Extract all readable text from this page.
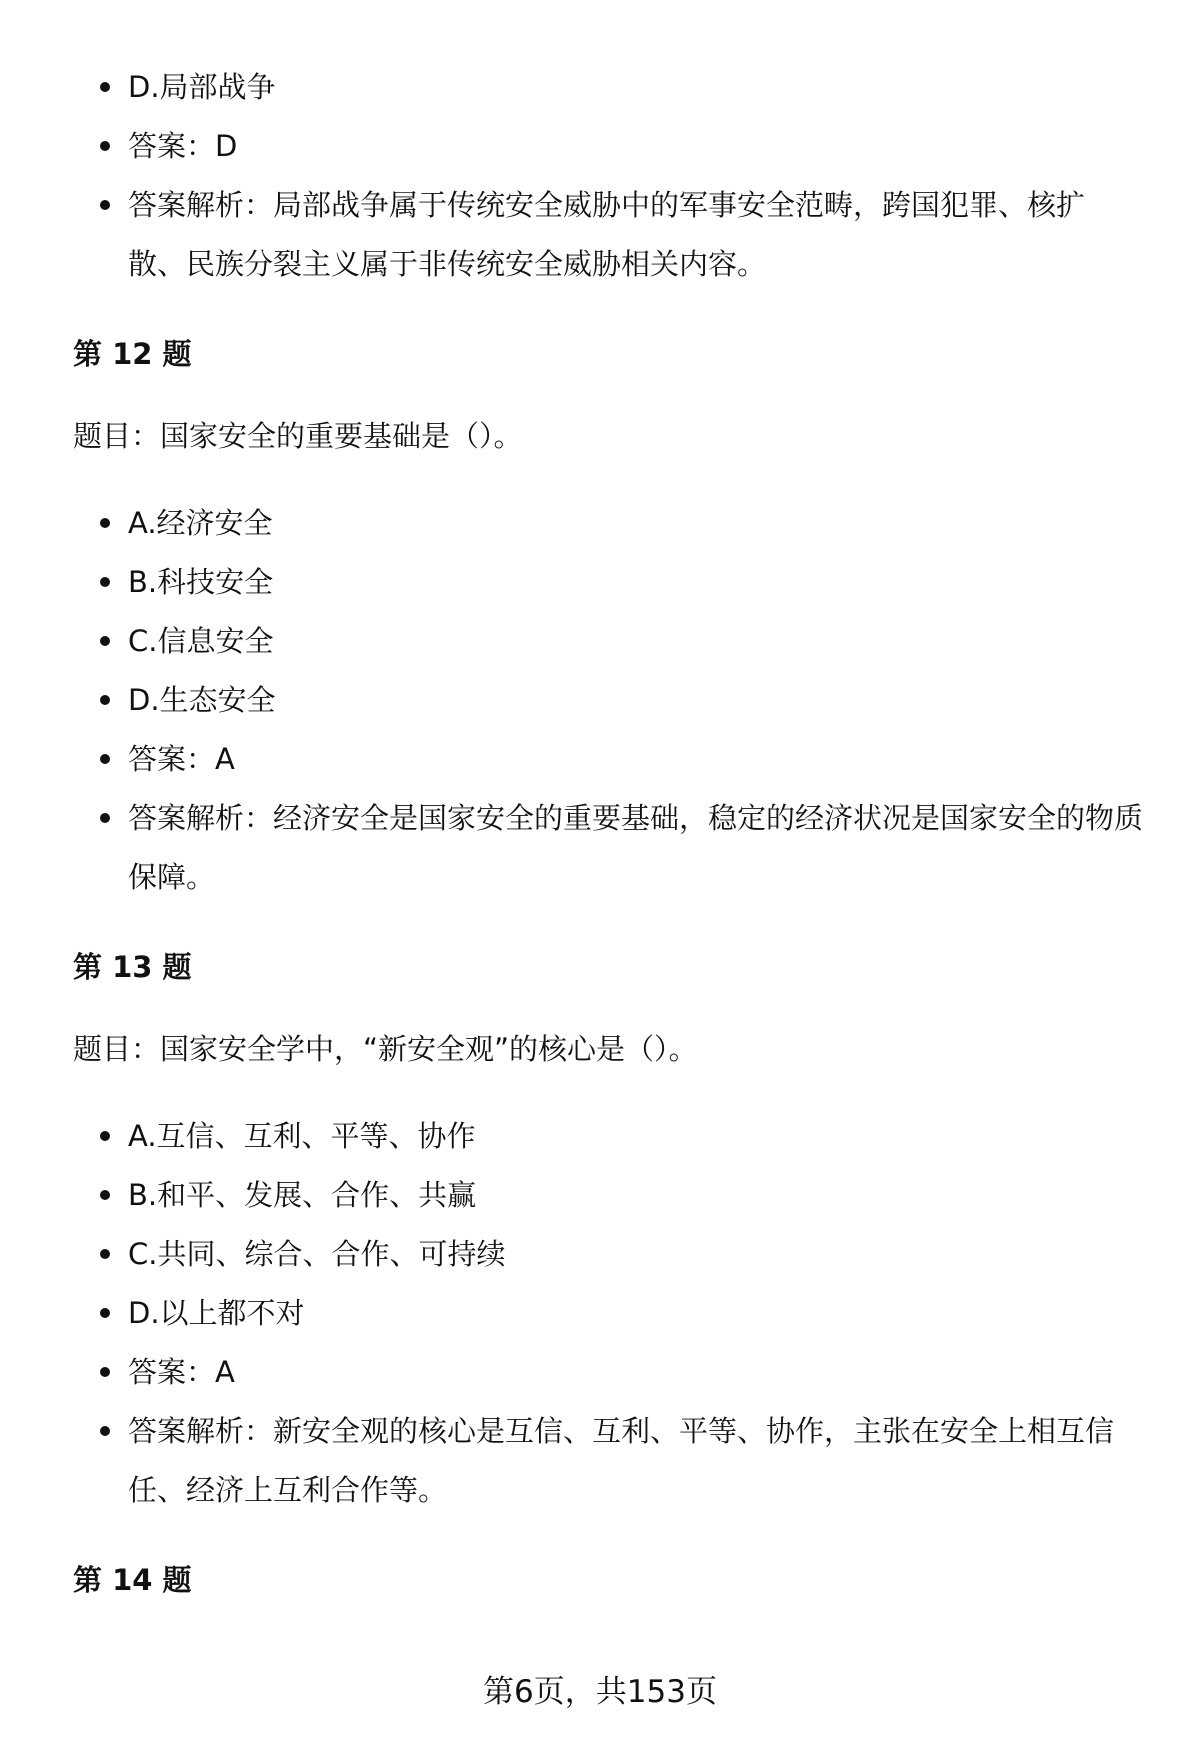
D.局部战争
答案：D
答案解析：局部战争属于传统安全威胁中的军事安全范畴，跨国犯罪、核扩散、民族分裂主义属于非传统安全威胁相关内容。
第 12 题

题目：国家安全的重要基础是（）。

A.经济安全
B.科技安全
C.信息安全
D.生态安全
答案：A
答案解析：经济安全是国家安全的重要基础，稳定的经济状况是国家安全的物质保障。
第 13 题

题目：国家安全学中，“新安全观”的核心是（）。

A.互信、互利、平等、协作
B.和平、发展、合作、共赢
C.共同、综合、合作、可持续
D.以上都不对
答案：A
答案解析：新安全观的核心是互信、互利、平等、协作，主张在安全上相互信任、经济上互利合作等。
第 14 题
第6页，共153页
